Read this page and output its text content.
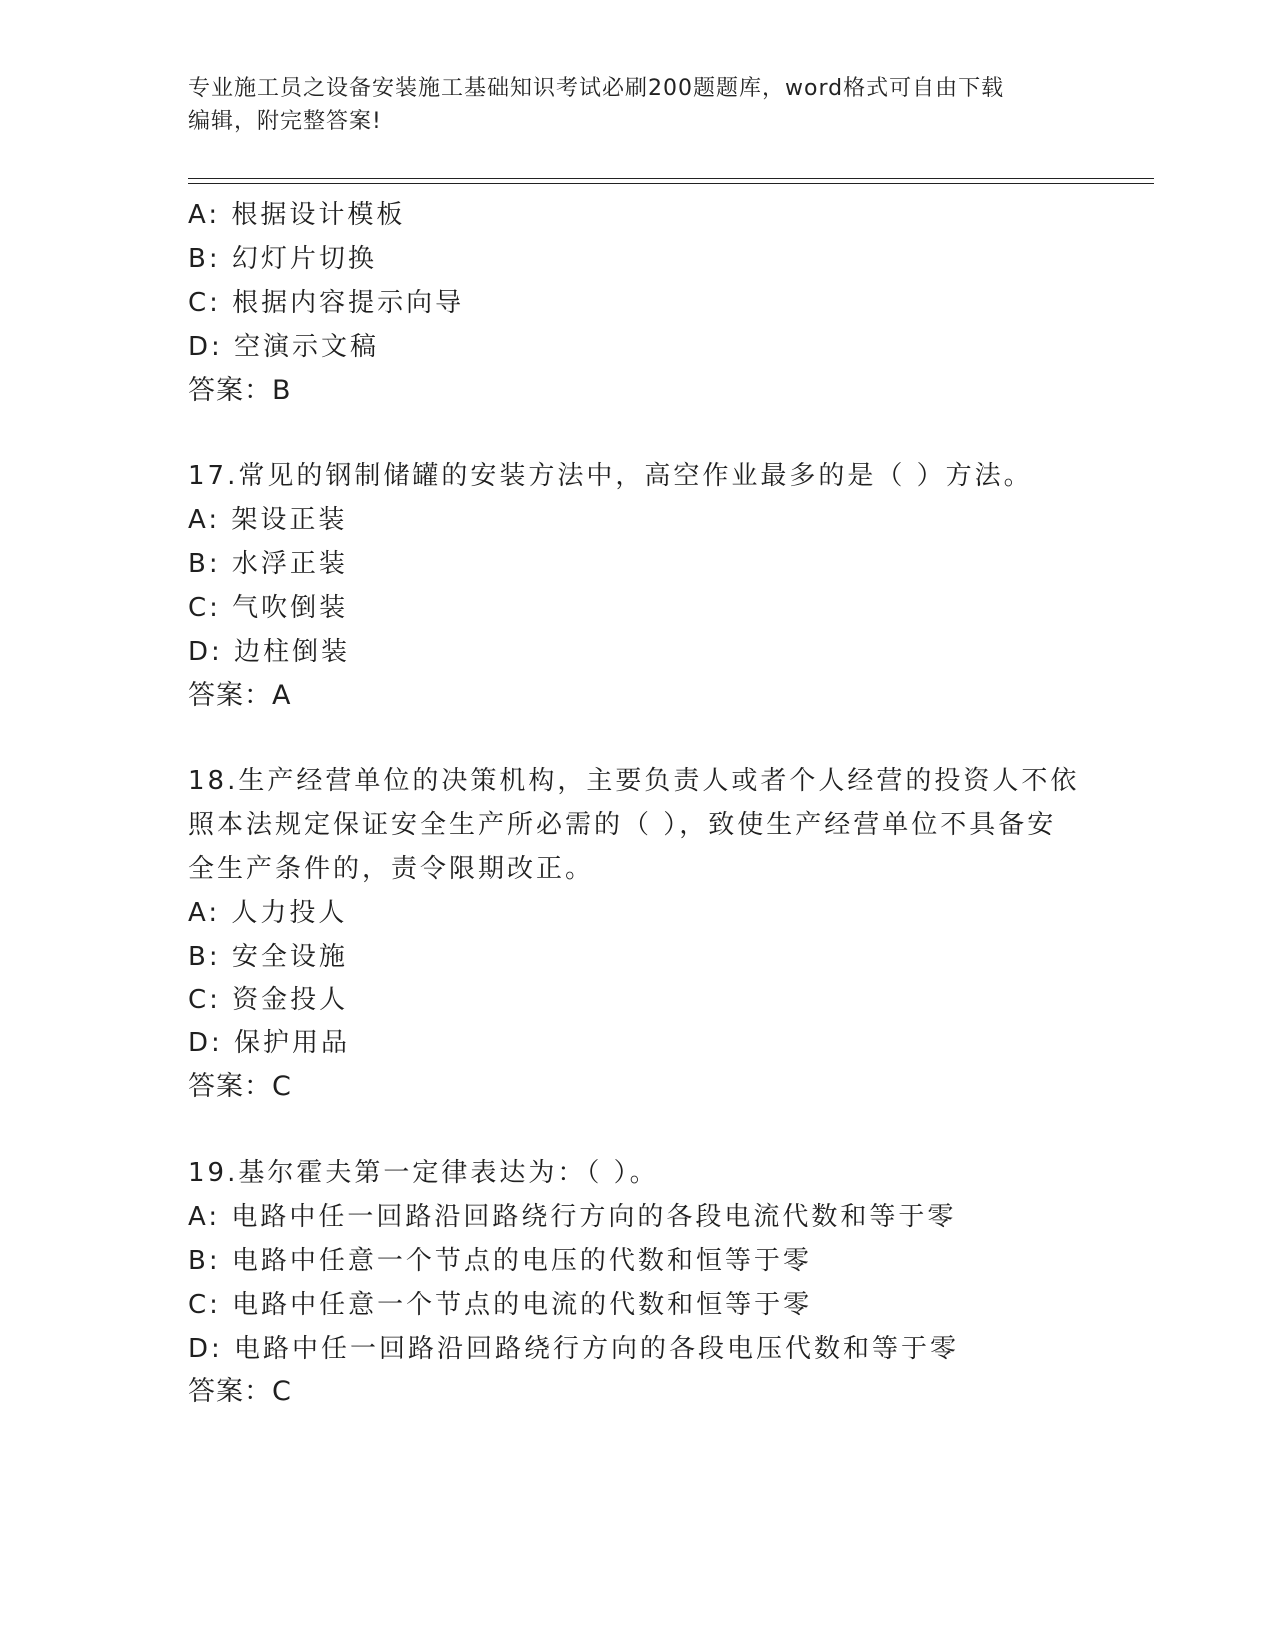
专业施工员之设备安装施工基础知识考试必刷200题题库，word格式可自由下载
编辑，附完整答案!
A: 根据设计模板
B: 幻灯片切换
C: 根据内容提示向导
D: 空演示文稿
答案：B
17.常见的钢制储罐的安装方法中，高空作业最多的是（ ）方法。
A: 架设正装
B: 水浮正装
C: 气吹倒装
D: 边柱倒装
答案：A
18.生产经营单位的决策机构，主要负责人或者个人经营的投资人不依
照本法规定保证安全生产所必需的（ ），致使生产经营单位不具备安
全生产条件的，责令限期改正。
A: 人力投人
B: 安全设施
C: 资金投人
D: 保护用品
答案：C
19.基尔霍夫第一定律表达为：（ ）。
A: 电路中任一回路沿回路绕行方向的各段电流代数和等于零
B: 电路中任意一个节点的电压的代数和恒等于零
C: 电路中任意一个节点的电流的代数和恒等于零
D: 电路中任一回路沿回路绕行方向的各段电压代数和等于零
答案：C
